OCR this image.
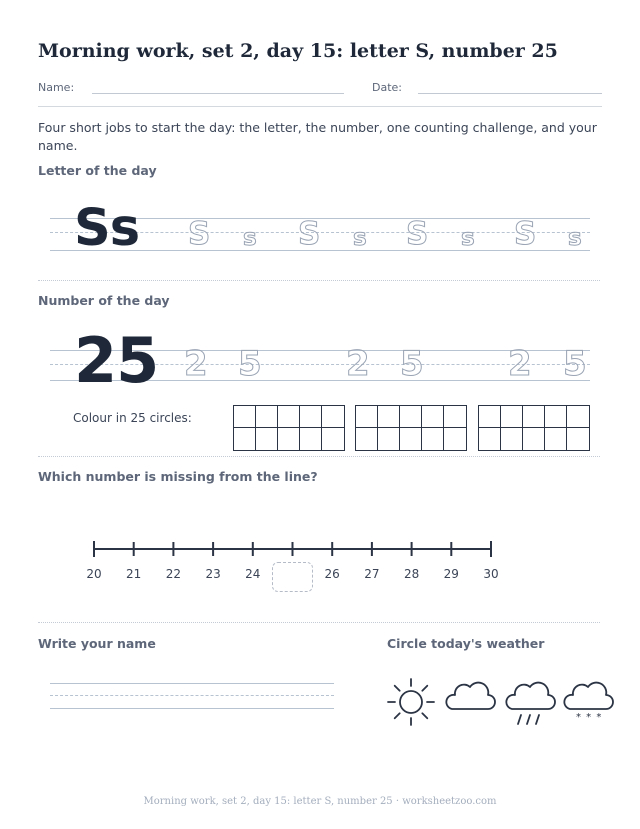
Morning work, set 2, day 15: letter S, number 25
Name:	Date:
Four short jobs to start the day: the letter, the number, one counting challenge, and your name.
Letter of the day
Ss S s S s S s S s
Number of the day
25 2 5 2 5 2 5
Colour in 25 circles:
Which number is missing from the line?
20	21	22	23	24	26	27	28	29	30
Write your name	Circle today's weather
* * *
Morning work, set 2, day 15: letter S, number 25 · worksheetzoo.com
